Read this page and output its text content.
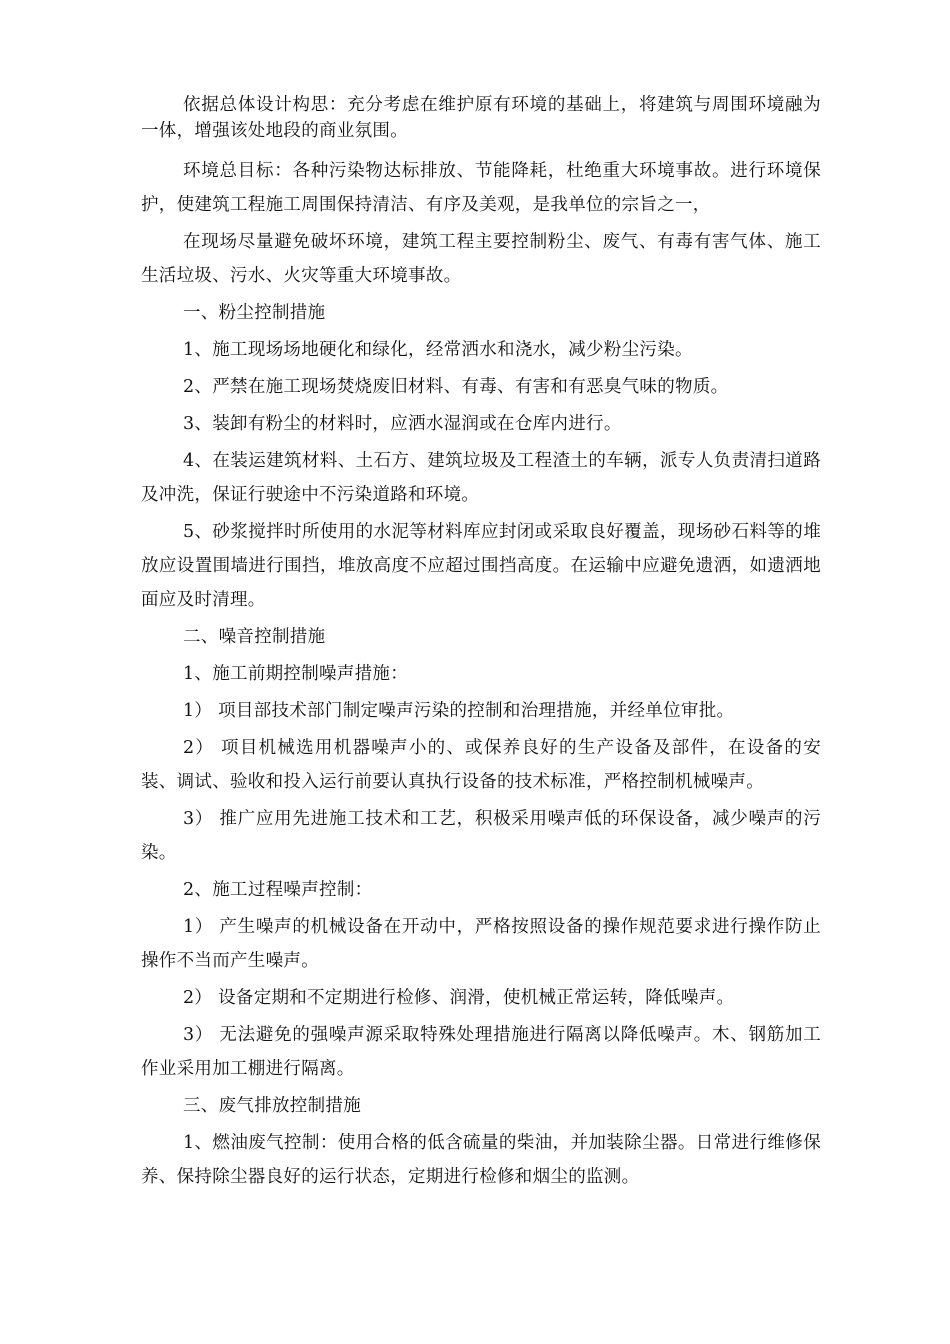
依据总体设计构思：充分考虑在维护原有环境的基础上，将建筑与周围环境融为一体，增强该处地段的商业氛围。

环境总目标：各种污染物达标排放、节能降耗，杜绝重大环境事故。进行环境保护，使建筑工程施工周围保持清洁、有序及美观，是我单位的宗旨之一，

在现场尽量避免破坏环境，建筑工程主要控制粉尘、废气、有毒有害气体、施工生活垃圾、污水、火灾等重大环境事故。

一、粉尘控制措施

1、施工现场场地硬化和绿化，经常洒水和浇水，减少粉尘污染。

2、严禁在施工现场焚烧废旧材料、有毒、有害和有恶臭气味的物质。

3、装卸有粉尘的材料时，应洒水湿润或在仓库内进行。

4、在装运建筑材料、土石方、建筑垃圾及工程渣土的车辆，派专人负责清扫道路及冲洗，保证行驶途中不污染道路和环境。

5、砂浆搅拌时所使用的水泥等材料库应封闭或采取良好覆盖，现场砂石料等的堆放应设置围墙进行围挡，堆放高度不应超过围挡高度。在运输中应避免遗洒，如遗洒地面应及时清理。

二、噪音控制措施

1、施工前期控制噪声措施：

1） 项目部技术部门制定噪声污染的控制和治理措施，并经单位审批。

2） 项目机械选用机器噪声小的、或保养良好的生产设备及部件，在设备的安装、调试、验收和投入运行前要认真执行设备的技术标准，严格控制机械噪声。

3） 推广应用先进施工技术和工艺，积极采用噪声低的环保设备，减少噪声的污染。

2、施工过程噪声控制：

1） 产生噪声的机械设备在开动中，严格按照设备的操作规范要求进行操作防止操作不当而产生噪声。

2） 设备定期和不定期进行检修、润滑，使机械正常运转，降低噪声。

3） 无法避免的强噪声源采取特殊处理措施进行隔离以降低噪声。木、钢筋加工作业采用加工棚进行隔离。

三、废气排放控制措施

1、燃油废气控制：使用合格的低含硫量的柴油，并加装除尘器。日常进行维修保养、保持除尘器良好的运行状态，定期进行检修和烟尘的监测。
